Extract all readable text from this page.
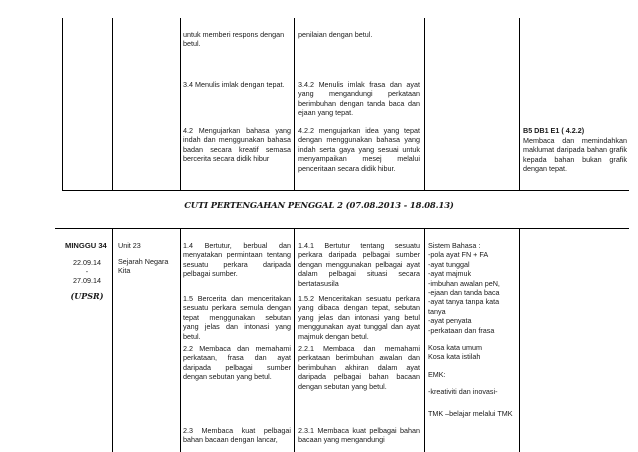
untuk memberi respons dengan
betul.
penilaian dengan betul.
3.4 Menulis imlak dengan tepat.	3.4.2 Menulis imlak frasa dan ayat yang mengandungi perkataan berimbuhan dengan tanda baca dan ejaan yang tepat.
4.2 Mengujarkan bahasa yang indah dan menggunakan bahasa badan secara kreatif semasa bercerita secara didik hibur
4.2.2 mengujarkan idea yang tepat dengan menggunakan bahasa yang indah serta gaya yang sesuai untuk menyampaikan mesej melalui penceritaan secara didik hibur.
B5 DB1 E1 ( 4.2.2)
Membaca dan memindahkan maklumat daripada bahan grafik kepada bahan bukan grafik dengan tepat.
CUTI PERTENGAHAN PENGGAL 2 (07.08.2013 - 18.08.13)
MINGGU 34
22.09.14
-
27.09.14
(UPSR)
Unit 23
Sejarah Negara Kita
1.4 Bertutur, berbual dan menyatakan permintaan tentang sesuatu perkara daripada pelbagai sumber.
1.5 Bercerita dan menceritakan sesuatu perkara semula dengan tepat menggunakan sebutan yang jelas dan intonasi yang betul.
2.2 Membaca dan memahami perkataan, frasa dan ayat daripada pelbagai sumber dengan sebutan yang betul.
2.3 Membaca kuat pelbagai bahan bacaan dengan lancar,
1.4.1 Bertutur tentang sesuatu perkara daripada pelbagai sumber dengan menggunakan pelbagai ayat dalam pelbagai situasi secara bertatasusila
1.5.2 Menceritakan sesuatu perkara yang dibaca dengan tepat, sebutan yang jelas dan intonasi yang betul menggunakan ayat tunggal dan ayat majmuk dengan betul.
2.2.1 Membaca dan memahami perkataan berimbuhan awalan dan berimbuhan akhiran dalam ayat daripada pelbagai bahan bacaan dengan sebutan yang betul.
2.3.1 Membaca kuat pelbagai bahan bacaan yang mengandungi
Sistem Bahasa :
-pola ayat FN + FA
-ayat tunggal
-ayat majmuk
-imbuhan awalan peN,
-ejaan dan tanda baca
-ayat tanya tanpa kata tanya
-ayat penyata
-perkataan dan frasa
Kosa kata umum
Kosa kata istilah
EMK:
-kreativiti dan inovasi-
TMK –belajar melalui TMK
